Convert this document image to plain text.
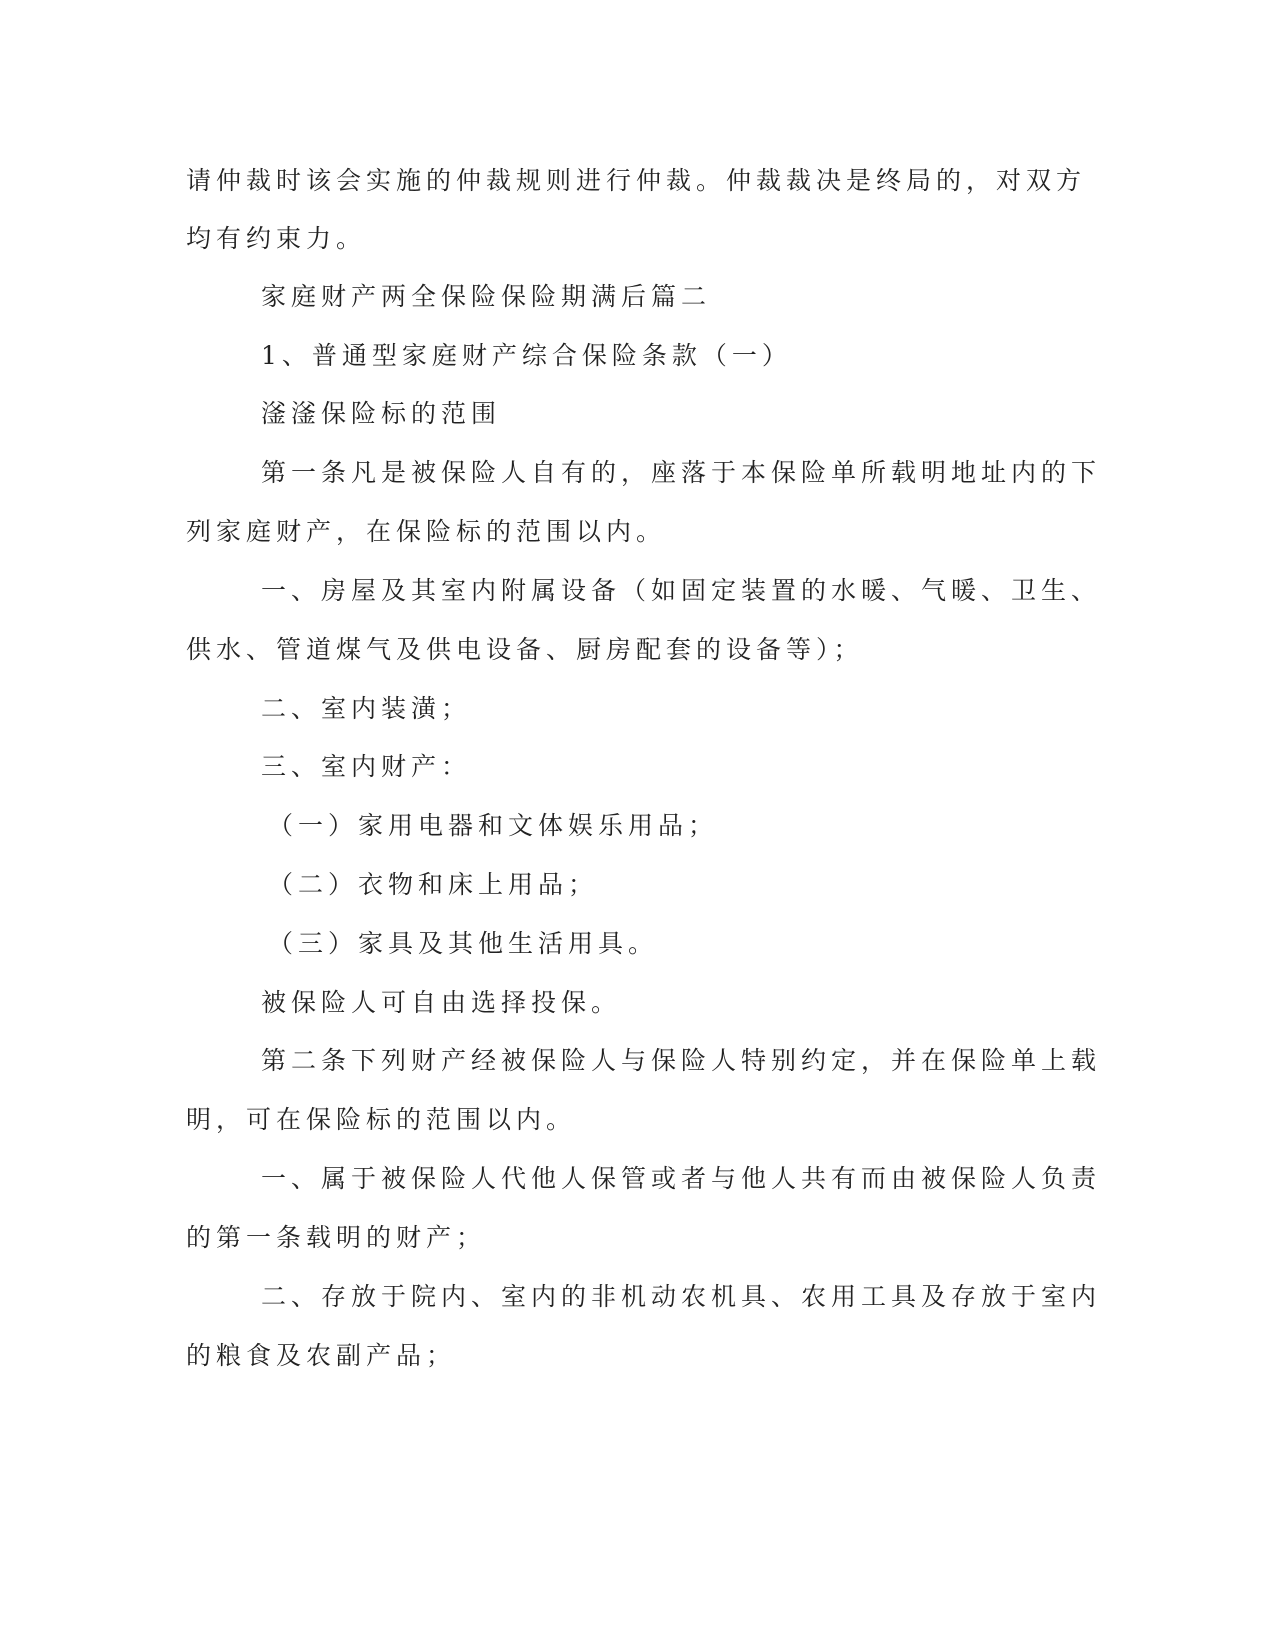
请仲裁时该会实施的仲裁规则进行仲裁。仲裁裁决是终局的，对双方
均有约束力。
家庭财产两全保险保险期满后篇二
1、普通型家庭财产综合保险条款（一）
滏滏保险标的范围
第一条凡是被保险人自有的，座落于本保险单所载明地址内的下
列家庭财产，在保险标的范围以内。
一、房屋及其室内附属设备（如固定装置的水暖、气暖、卫生、
供水、管道煤气及供电设备、厨房配套的设备等）；
二、室内装潢；
三、室内财产：
（一）家用电器和文体娱乐用品；
（二）衣物和床上用品；
（三）家具及其他生活用具。
被保险人可自由选择投保。
第二条下列财产经被保险人与保险人特别约定，并在保险单上载
明，可在保险标的范围以内。
一、属于被保险人代他人保管或者与他人共有而由被保险人负责
的第一条载明的财产；
二、存放于院内、室内的非机动农机具、农用工具及存放于室内
的粮食及农副产品；
